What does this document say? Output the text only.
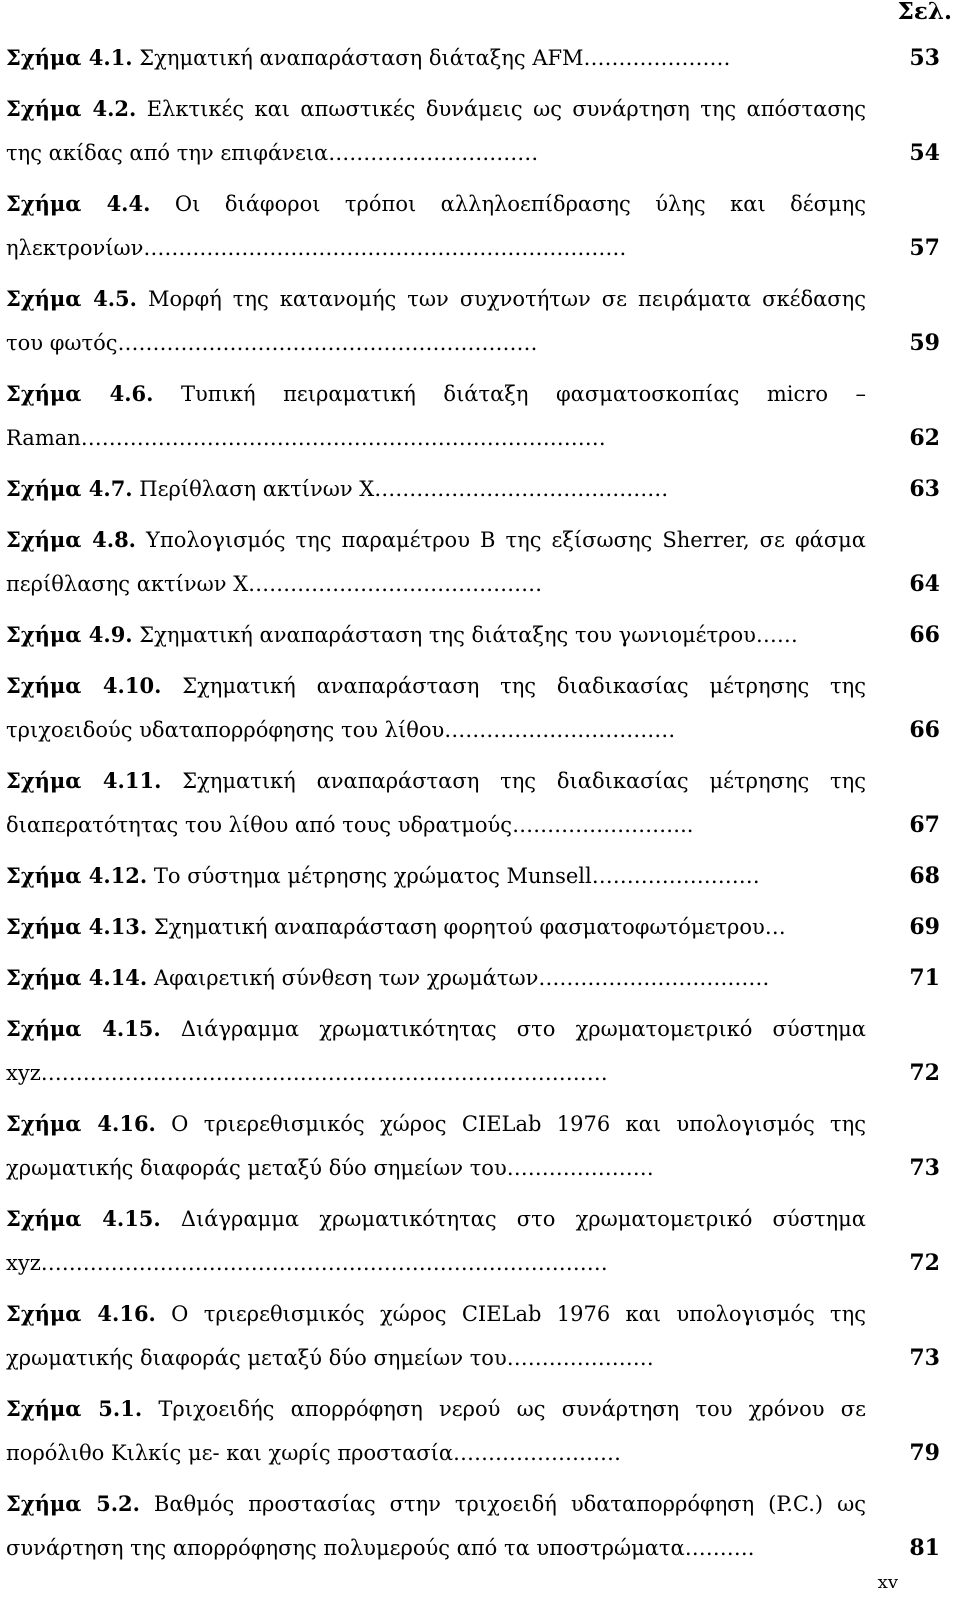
Σελ.
Σχήμα 4.1. Σχηματική αναπαράσταση διάταξης AFM…………………	53
Σχήμα 4.2. Ελκτικές και απωστικές δυνάμεις ως συνάρτηση της απόστασης της ακίδας από την επιφάνεια…………………………	54
Σχήμα 4.4. Οι διάφοροι τρόποι αλληλοεπίδρασης ύλης και δέσμης ηλεκτρονίων……………………………………………………………	57
Σχήμα 4.5. Μορφή της κατανομής των συχνοτήτων σε πειράματα σκέδασης του φωτός……………………………………………………	59
Σχήμα 4.6. Τυπική πειραματική διάταξη φασματοσκοπίας micro – Raman…………………………………………………………………	62
Σχήμα 4.7. Περίθλαση ακτίνων Χ……………………………………	63
Σχήμα 4.8. Υπολογισμός της παραμέτρου Β της εξίσωσης Sherrer, σε φάσμα περίθλασης ακτίνων Χ……………………………………	64
Σχήμα 4.9. Σχηματική αναπαράσταση της διάταξης του γωνιομέτρου……	66
Σχήμα 4.10. Σχηματική αναπαράσταση της διαδικασίας μέτρησης της τριχοειδούς υδαταπορρόφησης του λίθου……………………………	66
Σχήμα 4.11. Σχηματική αναπαράσταση της διαδικασίας μέτρησης της διαπερατότητας του λίθου από τους υδρατμούς……………………..	67
Σχήμα 4.12. Το σύστημα μέτρησης χρώματος Munsell……………………	68
Σχήμα 4.13. Σχηματική αναπαράσταση φορητού φασματοφωτόμετρου…	69
Σχήμα 4.14. Αφαιρετική σύνθεση των χρωμάτων……………………………	71
Σχήμα 4.15. Διάγραμμα χρωματικότητας στο χρωματομετρικό σύστημα xyz………………………………………………………………………	72
Σχήμα 4.16. Ο τριερεθισμικός χώρος CIELab 1976 και υπολογισμός της χρωματικής διαφοράς μεταξύ δύο σημείων του…………………	73
Σχήμα 4.15. Διάγραμμα χρωματικότητας στο χρωματομετρικό σύστημα xyz………………………………………………………………………	72
Σχήμα 4.16. Ο τριερεθισμικός χώρος CIELab 1976 και υπολογισμός της χρωματικής διαφοράς μεταξύ δύο σημείων του…………………	73
Σχήμα 5.1. Τριχοειδής απορρόφηση νερού ως συνάρτηση του χρόνου σε πορόλιθο Κιλκίς με- και χωρίς προστασία……………………	79
Σχήμα 5.2. Βαθμός προστασίας στην τριχοειδή υδαταπορρόφηση (P.C.) ως συνάρτηση της απορρόφησης πολυμερούς από τα υποστρώματα……….	81
xv
